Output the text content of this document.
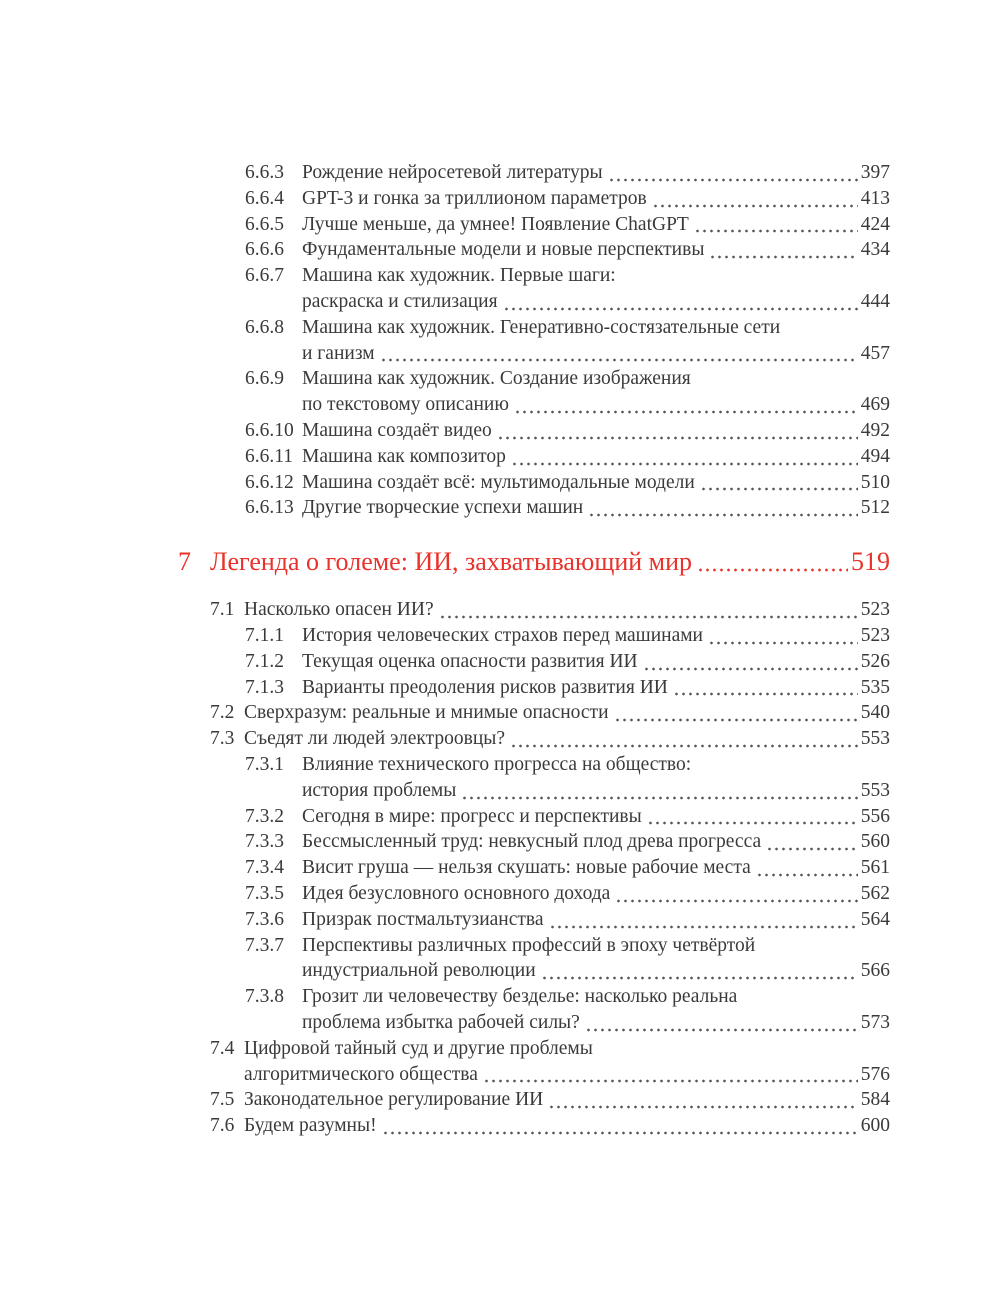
6.6.3 Рождение нейросетевой литературы	397
6.6.4 GPT-3 и гонка за триллионом параметров	413
6.6.5 Лучше меньше, да умнее! Появление ChatGPT	424
6.6.6 Фундаментальные модели и новые перспективы	434
6.6.7 Машина как художник. Первые шаги:
раскраска и стилизация	444
6.6.8 Машина как художник. Генеративно-состязательные сети
и ганизм	457
6.6.9 Машина как художник. Создание изображения
по текстовому описанию	469
6.6.10 Машина создаёт видео	492
6.6.11 Машина как композитор	494
6.6.12 Машина создаёт всё: мультимодальные модели	510
6.6.13 Другие творческие успехи машин	512
7 Легенда о големе: ИИ, захватывающий мир	519
7.1 Насколько опасен ИИ?	523
7.1.1 История человеческих страхов перед машинами	523
7.1.2 Текущая оценка опасности развития ИИ	526
7.1.3 Варианты преодоления рисков развития ИИ	535
7.2 Сверхразум: реальные и мнимые опасности	540
7.3 Съедят ли людей электроовцы?	553
7.3.1 Влияние технического прогресса на общество:
история проблемы	553
7.3.2 Сегодня в мире: прогресс и перспективы	556
7.3.3 Бессмысленный труд: невкусный плод древа прогресса	560
7.3.4 Висит груша — нельзя скушать: новые рабочие места	561
7.3.5 Идея безусловного основного дохода	562
7.3.6 Призрак постмальтузианства	564
7.3.7 Перспективы различных профессий в эпоху четвёртой
индустриальной революции	566
7.3.8 Грозит ли человечеству безделье: насколько реальна
проблема избытка рабочей силы?	573
7.4 Цифровой тайный суд и другие проблемы
алгоритмического общества	576
7.5 Законодательное регулирование ИИ	584
7.6 Будем разумны!	600
